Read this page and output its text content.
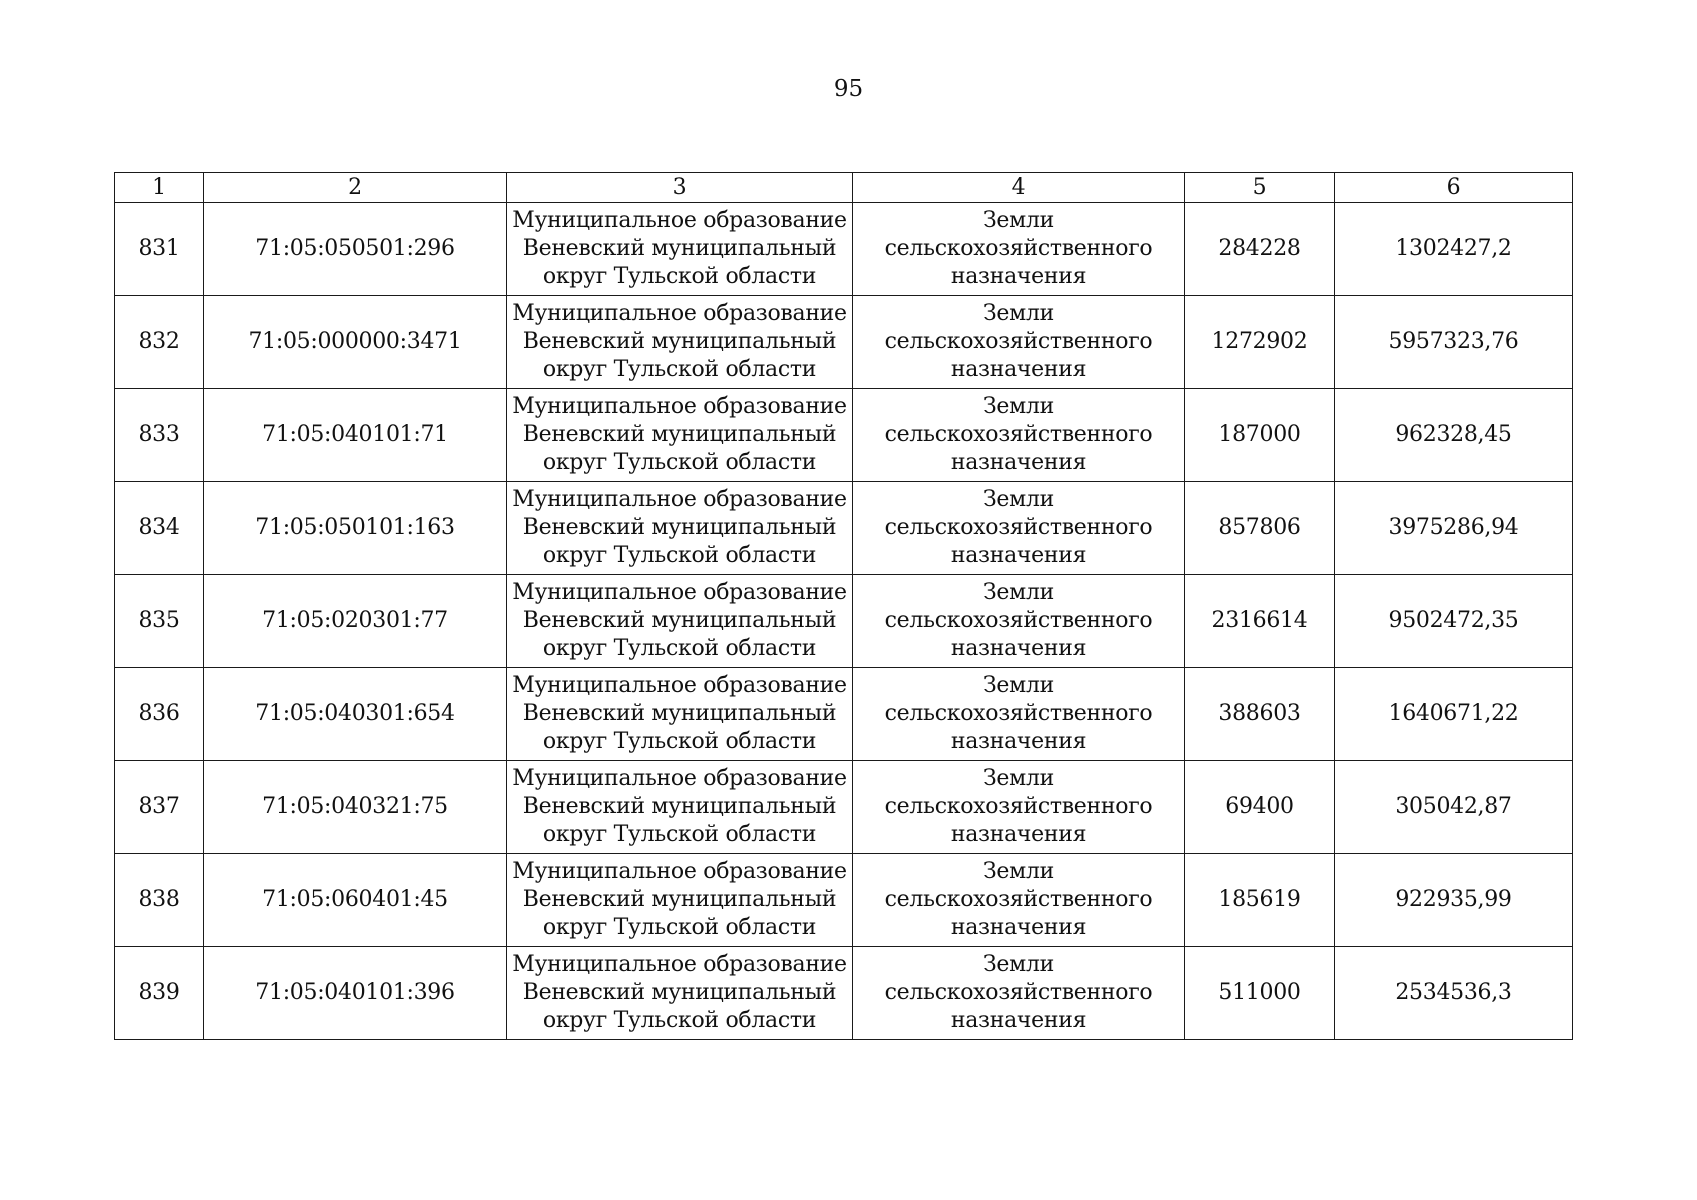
95
1	2	3	4	5	6
831	71:05:050501:296	Муниципальное образование
Веневский муниципальный
округ Тульской области	Земли
сельскохозяйственного
назначения	284228	1302427,2
832	71:05:000000:3471	Муниципальное образование
Веневский муниципальный
округ Тульской области	Земли
сельскохозяйственного
назначения	1272902	5957323,76
833	71:05:040101:71	Муниципальное образование
Веневский муниципальный
округ Тульской области	Земли
сельскохозяйственного
назначения	187000	962328,45
834	71:05:050101:163	Муниципальное образование
Веневский муниципальный
округ Тульской области	Земли
сельскохозяйственного
назначения	857806	3975286,94
835	71:05:020301:77	Муниципальное образование
Веневский муниципальный
округ Тульской области	Земли
сельскохозяйственного
назначения	2316614	9502472,35
836	71:05:040301:654	Муниципальное образование
Веневский муниципальный
округ Тульской области	Земли
сельскохозяйственного
назначения	388603	1640671,22
837	71:05:040321:75	Муниципальное образование
Веневский муниципальный
округ Тульской области	Земли
сельскохозяйственного
назначения	69400	305042,87
838	71:05:060401:45	Муниципальное образование
Веневский муниципальный
округ Тульской области	Земли
сельскохозяйственного
назначения	185619	922935,99
839	71:05:040101:396	Муниципальное образование
Веневский муниципальный
округ Тульской области	Земли
сельскохозяйственного
назначения	511000	2534536,3
